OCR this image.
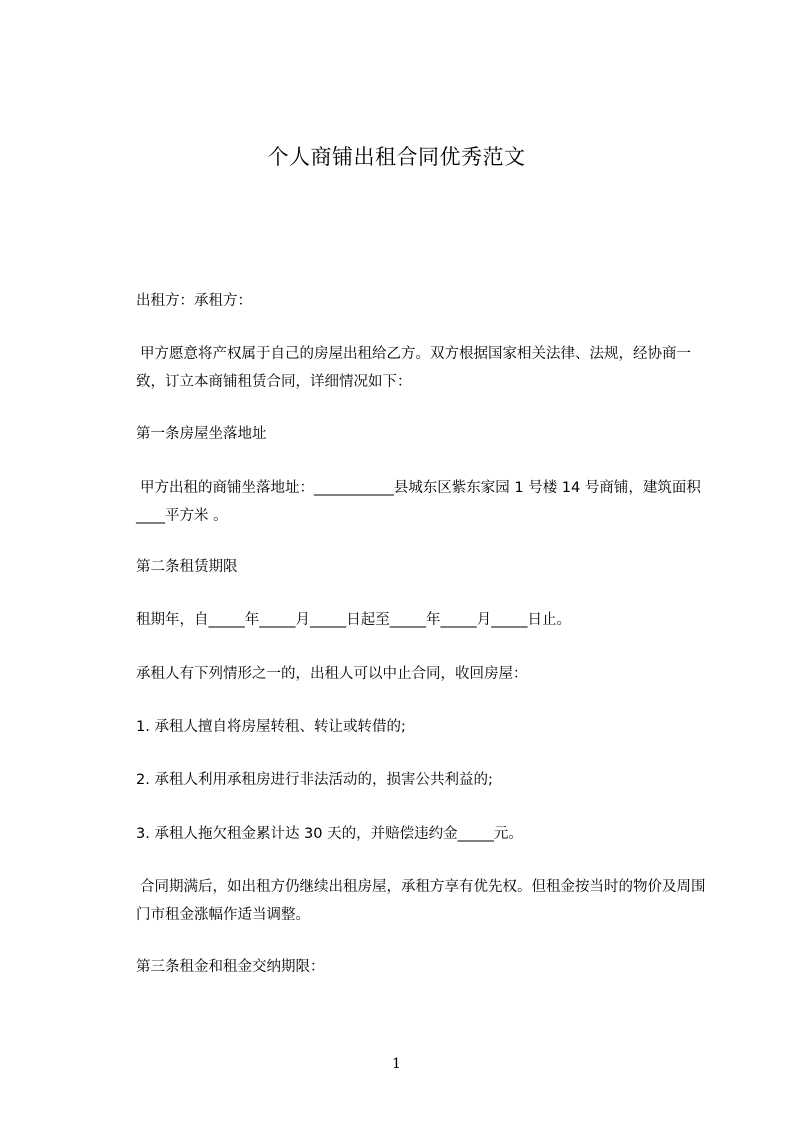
个人商铺出租合同优秀范文
出租方：承租方：
甲方愿意将产权属于自己的房屋出租给乙方。双方根据国家相关法律、法规，经协商一致，订立本商铺租赁合同，详细情况如下：
第一条房屋坐落地址
甲方出租的商铺坐落地址：___________县城东区紫东家园 1 号楼 14 号商铺，建筑面积____平方米 。
第二条租赁期限
租期年，自_____年_____月_____日起至_____年_____月_____日止。
承租人有下列情形之一的，出租人可以中止合同，收回房屋：
1. 承租人擅自将房屋转租、转让或转借的;
2. 承租人利用承租房进行非法活动的，损害公共利益的;
3. 承租人拖欠租金累计达 30 天的，并赔偿违约金_____元。
合同期满后，如出租方仍继续出租房屋，承租方享有优先权。但租金按当时的物价及周围门市租金涨幅作适当调整。
第三条租金和租金交纳期限：
1
